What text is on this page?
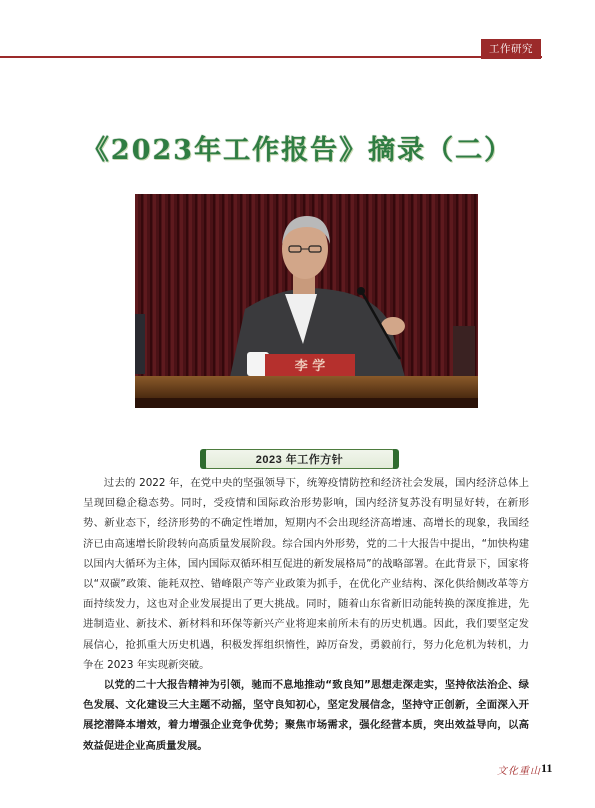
工作研究
《2023年工作报告》摘录（二）
李 学
2023 年工作方针

过去的 2022 年，在党中央的坚强领导下，统筹疫情防控和经济社会发展，国内经济总体上呈现回稳企稳态势。同时，受疫情和国际政治形势影响，国内经济复苏没有明显好转，在新形势、新业态下，经济形势的不确定性增加，短期内不会出现经济高增速、高增长的现象，我国经济已由高速增长阶段转向高质量发展阶段。综合国内外形势，党的二十大报告中提出，“加快构建以国内大循环为主体，国内国际双循环相互促进的新发展格局”的战略部署。在此背景下，国家将以“双碳”政策、能耗双控、错峰限产等产业政策为抓手，在优化产业结构、深化供给侧改革等方面持续发力，这也对企业发展提出了更大挑战。同时，随着山东省新旧动能转换的深度推进，先进制造业、新技术、新材料和环保等新兴产业将迎来前所未有的历史机遇。因此，我们要坚定发展信心，抢抓重大历史机遇，积极发挥组织惰性，踔厉奋发，勇毅前行，努力化危机为转机，力争在 2023 年实现新突破。

以党的二十大报告精神为引领，驰而不息地推动“致良知”思想走深走实，坚持依法治企、绿色发展、文化建设三大主题不动摇，坚守良知初心，坚定发展信念，坚持守正创新，全面深入开展挖潜降本增效，着力增强企业竞争优势；聚焦市场需求，强化经营本质，突出效益导向，以高效益促进企业高质量发展。

文化重山 11
